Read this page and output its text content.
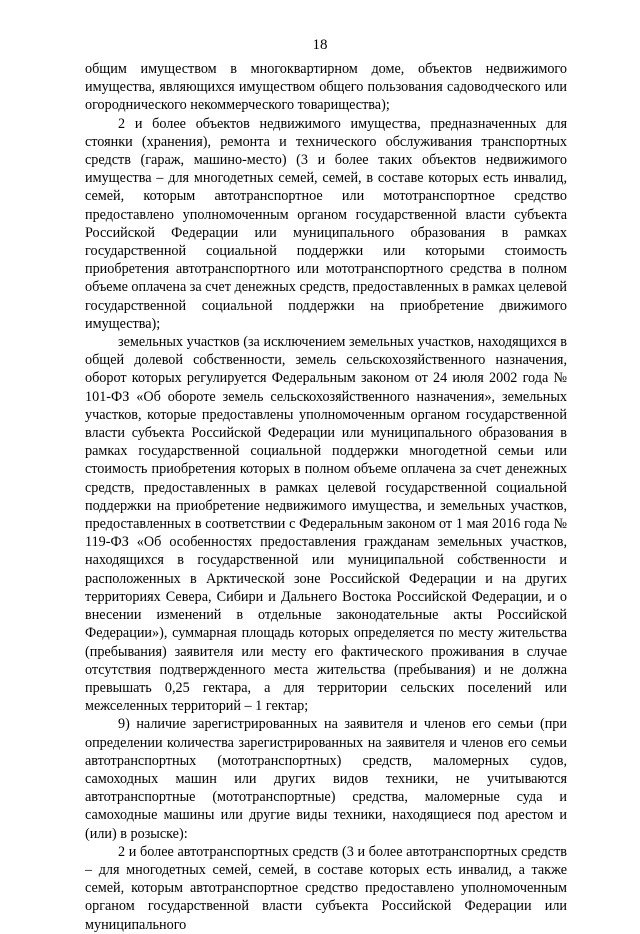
18

общим имуществом в многоквартирном доме, объектов недвижимого имущества, являющихся имуществом общего пользования садоводческого или огороднического некоммерческого товарищества);

2 и более объектов недвижимого имущества, предназначенных для стоянки (хранения), ремонта и технического обслуживания транспортных средств (гараж, машино-место) (3 и более таких объектов недвижимого имущества – для многодетных семей, семей, в составе которых есть инвалид, семей, которым автотранспортное или мототранспортное средство предоставлено уполномоченным органом государственной власти субъекта Российской Федерации или муниципального образования в рамках государственной социальной поддержки или которыми стоимость приобретения автотранспортного или мототранспортного средства в полном объеме оплачена за счет денежных средств, предоставленных в рамках целевой государственной социальной поддержки на приобретение движимого имущества);

земельных участков (за исключением земельных участков, находящихся в общей долевой собственности, земель сельскохозяйственного назначения, оборот которых регулируется Федеральным законом от 24 июля 2002 года № 101-ФЗ «Об обороте земель сельскохозяйственного назначения», земельных участков, которые предоставлены уполномоченным органом государственной власти субъекта Российской Федерации или муниципального образования в рамках государственной социальной поддержки многодетной семьи или стоимость приобретения которых в полном объеме оплачена за счет денежных средств, предоставленных в рамках целевой государственной социальной поддержки на приобретение недвижимого имущества, и земельных участков, предоставленных в соответствии с Федеральным законом от 1 мая 2016 года № 119-ФЗ «Об особенностях предоставления гражданам земельных участков, находящихся в государственной или муниципальной собственности и расположенных в Арктической зоне Российской Федерации и на других территориях Севера, Сибири и Дальнего Востока Российской Федерации, и о внесении изменений в отдельные законодательные акты Российской Федерации»), суммарная площадь которых определяется по месту жительства (пребывания) заявителя или месту его фактического проживания в случае отсутствия подтвержденного места жительства (пребывания) и не должна превышать 0,25 гектара, а для территории сельских поселений или межселенных территорий – 1 гектар;

9) наличие зарегистрированных на заявителя и членов его семьи (при определении количества зарегистрированных на заявителя и членов его семьи автотранспортных (мототранспортных) средств, маломерных судов, самоходных машин или других видов техники, не учитываются автотранспортные (мототранспортные) средства, маломерные суда и самоходные машины или другие виды техники, находящиеся под арестом и (или) в розыске):

2 и более автотранспортных средств (3 и более автотранспортных средств – для многодетных семей, семей, в составе которых есть инвалид, а также семей, которым автотранспортное средство предоставлено уполномоченным органом государственной власти субъекта Российской Федерации или муниципального
